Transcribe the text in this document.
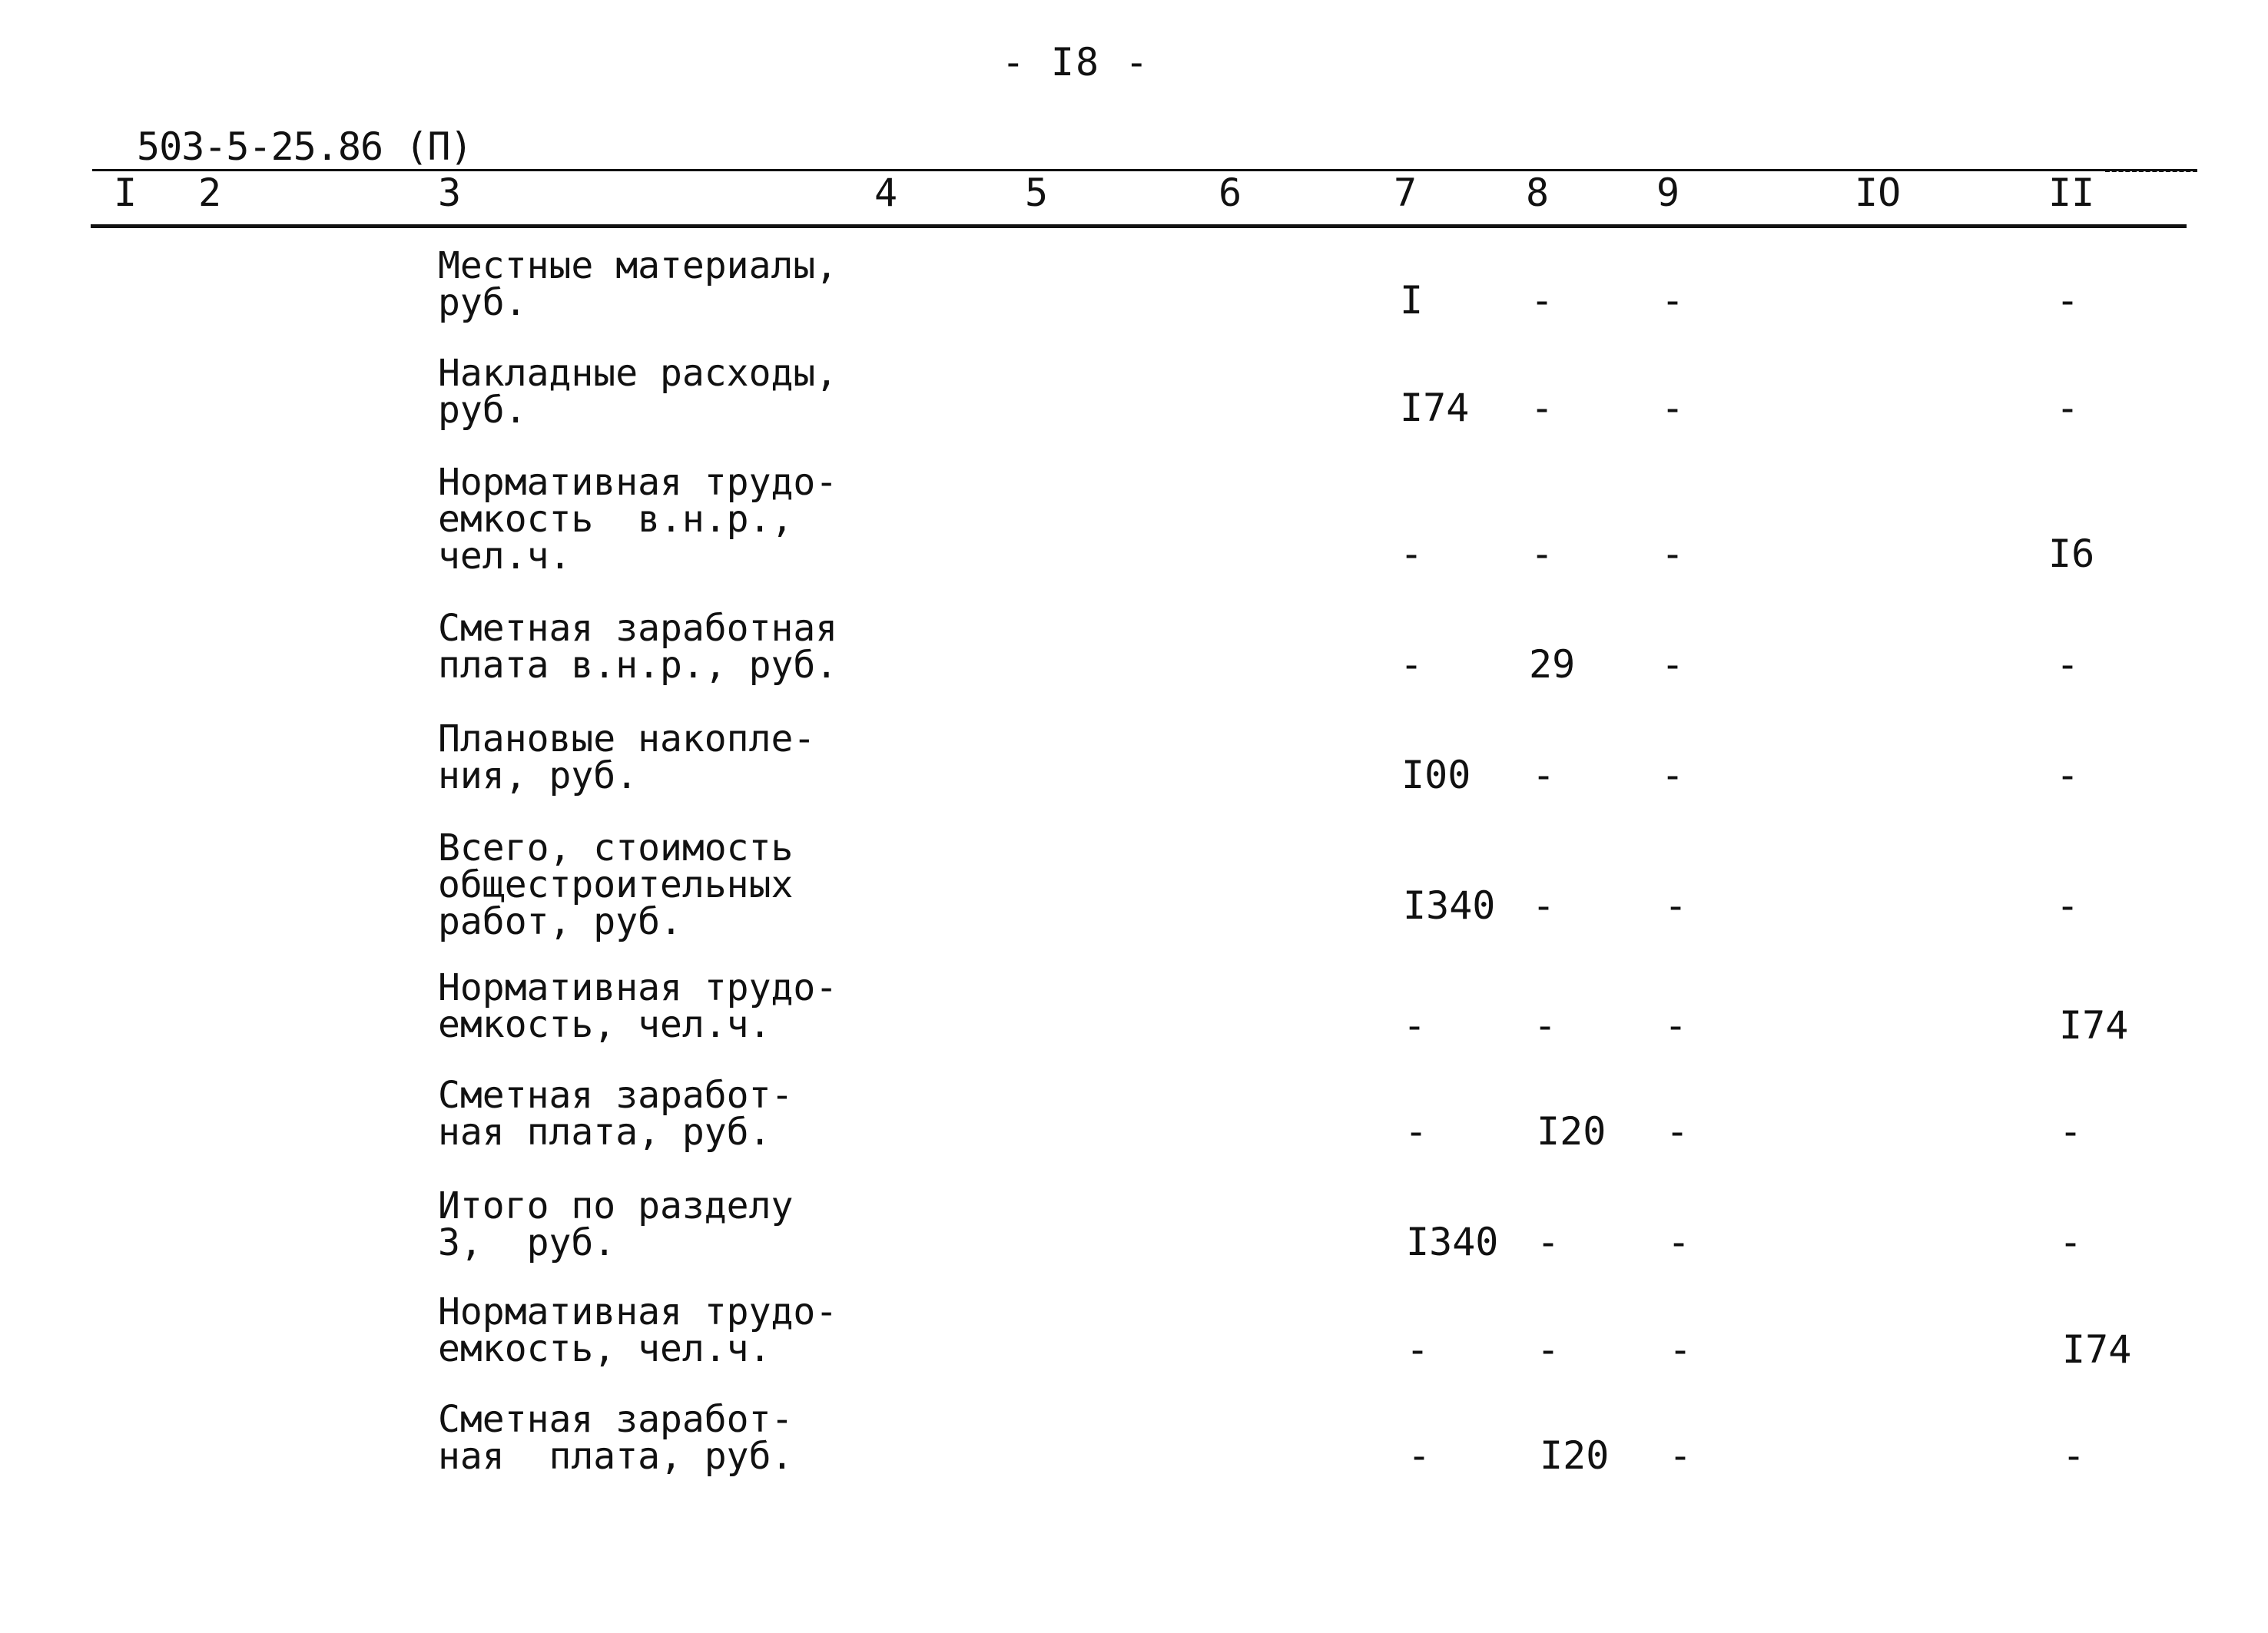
- I8 -
503-5-25.86 (П)
I 2	3	4	5	6	7	8	9	IO	II
Местные материалы,
руб.	I	-	-	-
Накладные расходы,
руб.	I74 -	-	-
Нормативная трудо-
емкость  в.н.р.,
чел.ч.	-	-	-	I6
Сметная заработная
плата в.н.р., руб.	-	29 -	-
Плановые накопле-
ния, руб.	I00 -	-	-
Всего, стоимость
общестроительных
работ, руб.	I340 -	-	-
Нормативная трудо-
емкость, чел.ч.	-	-	-	I74
Сметная заработ-
ная плата, руб.	-	I20 -	-
Итого по разделу
3,  руб.	I340 -	-	-
Нормативная трудо-
емкость, чел.ч.	-	-	-	I74
Сметная заработ-
ная  плата, руб.	-	I20 -	-
